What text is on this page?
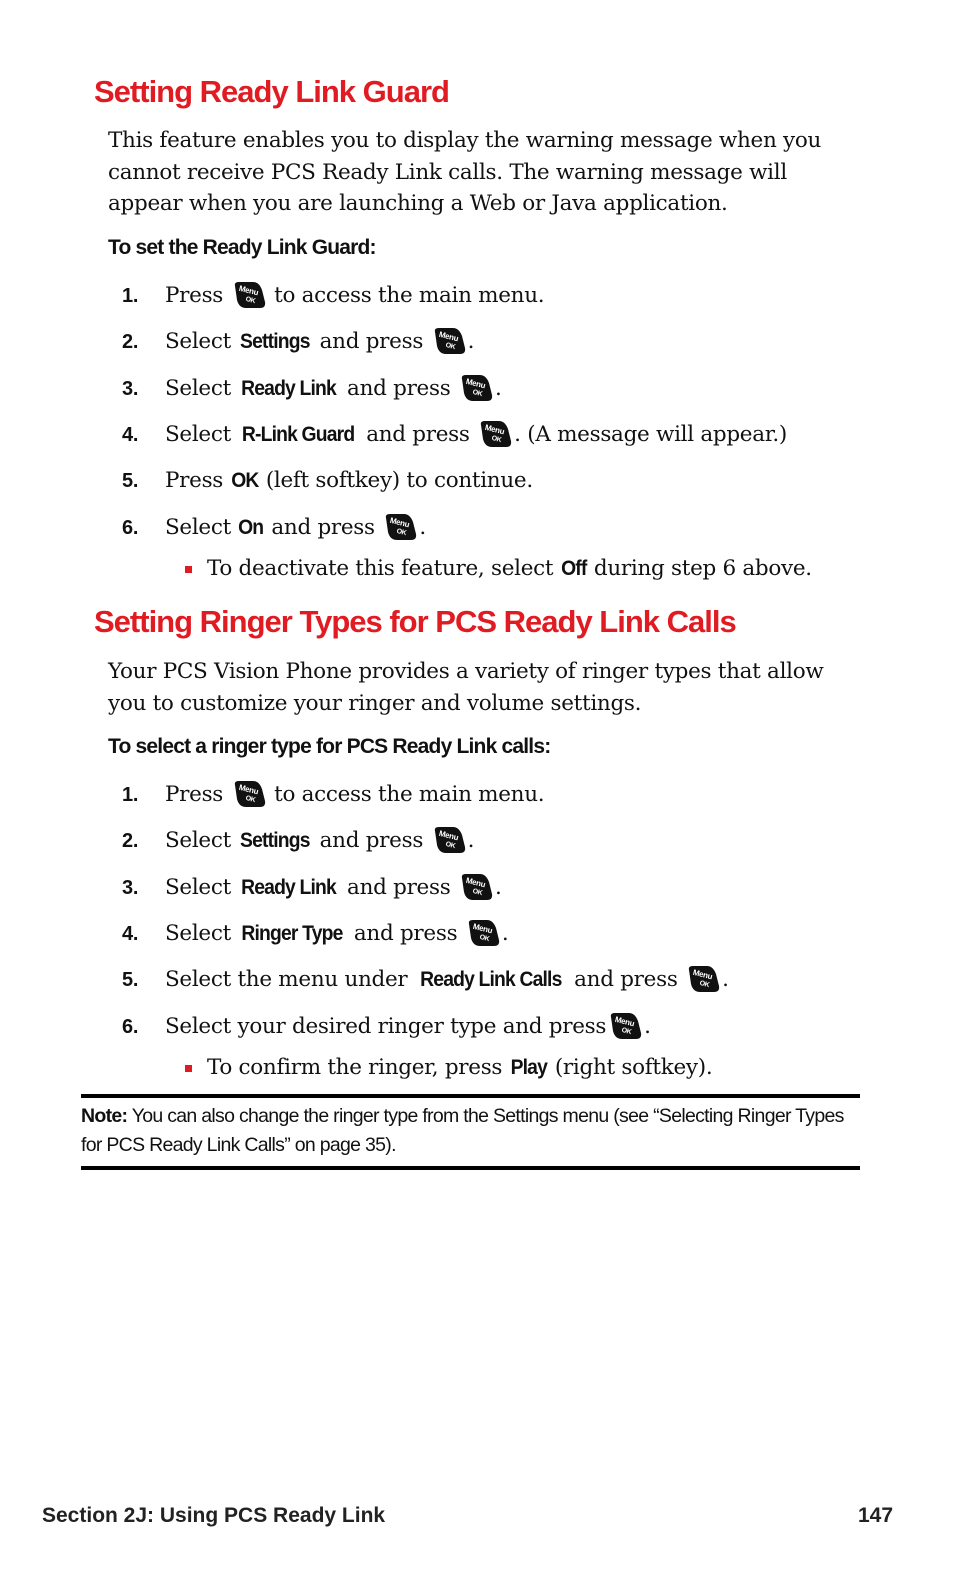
Setting Ready Link Guard

This feature enables you to display the warning message when you
cannot receive PCS Ready Link calls. The warning message will
appear when you are launching a Web or Java application.

To set the Ready Link Guard:
1.	Press  to access the main menu.
2.	Select Settings and press .
3.	Select Ready Link and press .
4.	Select R-Link Guard and press . (A message will appear.)
5.	Press OK (left softkey) to continue.
6.	Select On and press .
To deactivate this feature, select Off during step 6 above.
Setting Ringer Types for PCS Ready Link Calls

Your PCS Vision Phone provides a variety of ringer types that allow
you to customize your ringer and volume settings.

To select a ringer type for PCS Ready Link calls:
1.	Press  to access the main menu.
2.	Select Settings and press .
3.	Select Ready Link and press .
4.	Select Ringer Type and press .
5.	Select the menu under Ready Link Calls and press .
6.	Select your desired ringer type and press .
To confirm the ringer, press Play (right softkey).
Note: You can also change the ringer type from the Settings menu (see “Selecting Ringer Types for PCS Ready Link Calls” on page 35).
Section 2J: Using PCS Ready Link	147
